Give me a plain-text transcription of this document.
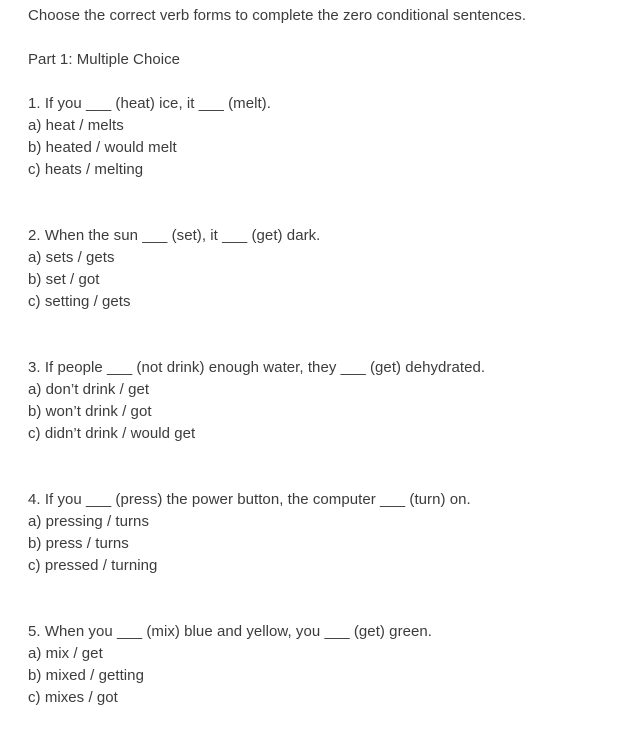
Choose the correct verb forms to complete the zero conditional sentences.
Part 1: Multiple Choice
1. If you ___ (heat) ice, it ___ (melt).
a) heat / melts
b) heated / would melt
c) heats / melting
2. When the sun ___ (set), it ___ (get) dark.
a) sets / gets
b) set / got
c) setting / gets
3. If people ___ (not drink) enough water, they ___ (get) dehydrated.
a) don’t drink / get
b) won’t drink / got
c) didn’t drink / would get
4. If you ___ (press) the power button, the computer ___ (turn) on.
a) pressing / turns
b) press / turns
c) pressed / turning
5. When you ___ (mix) blue and yellow, you ___ (get) green.
a) mix / get
b) mixed / getting
c) mixes / got
